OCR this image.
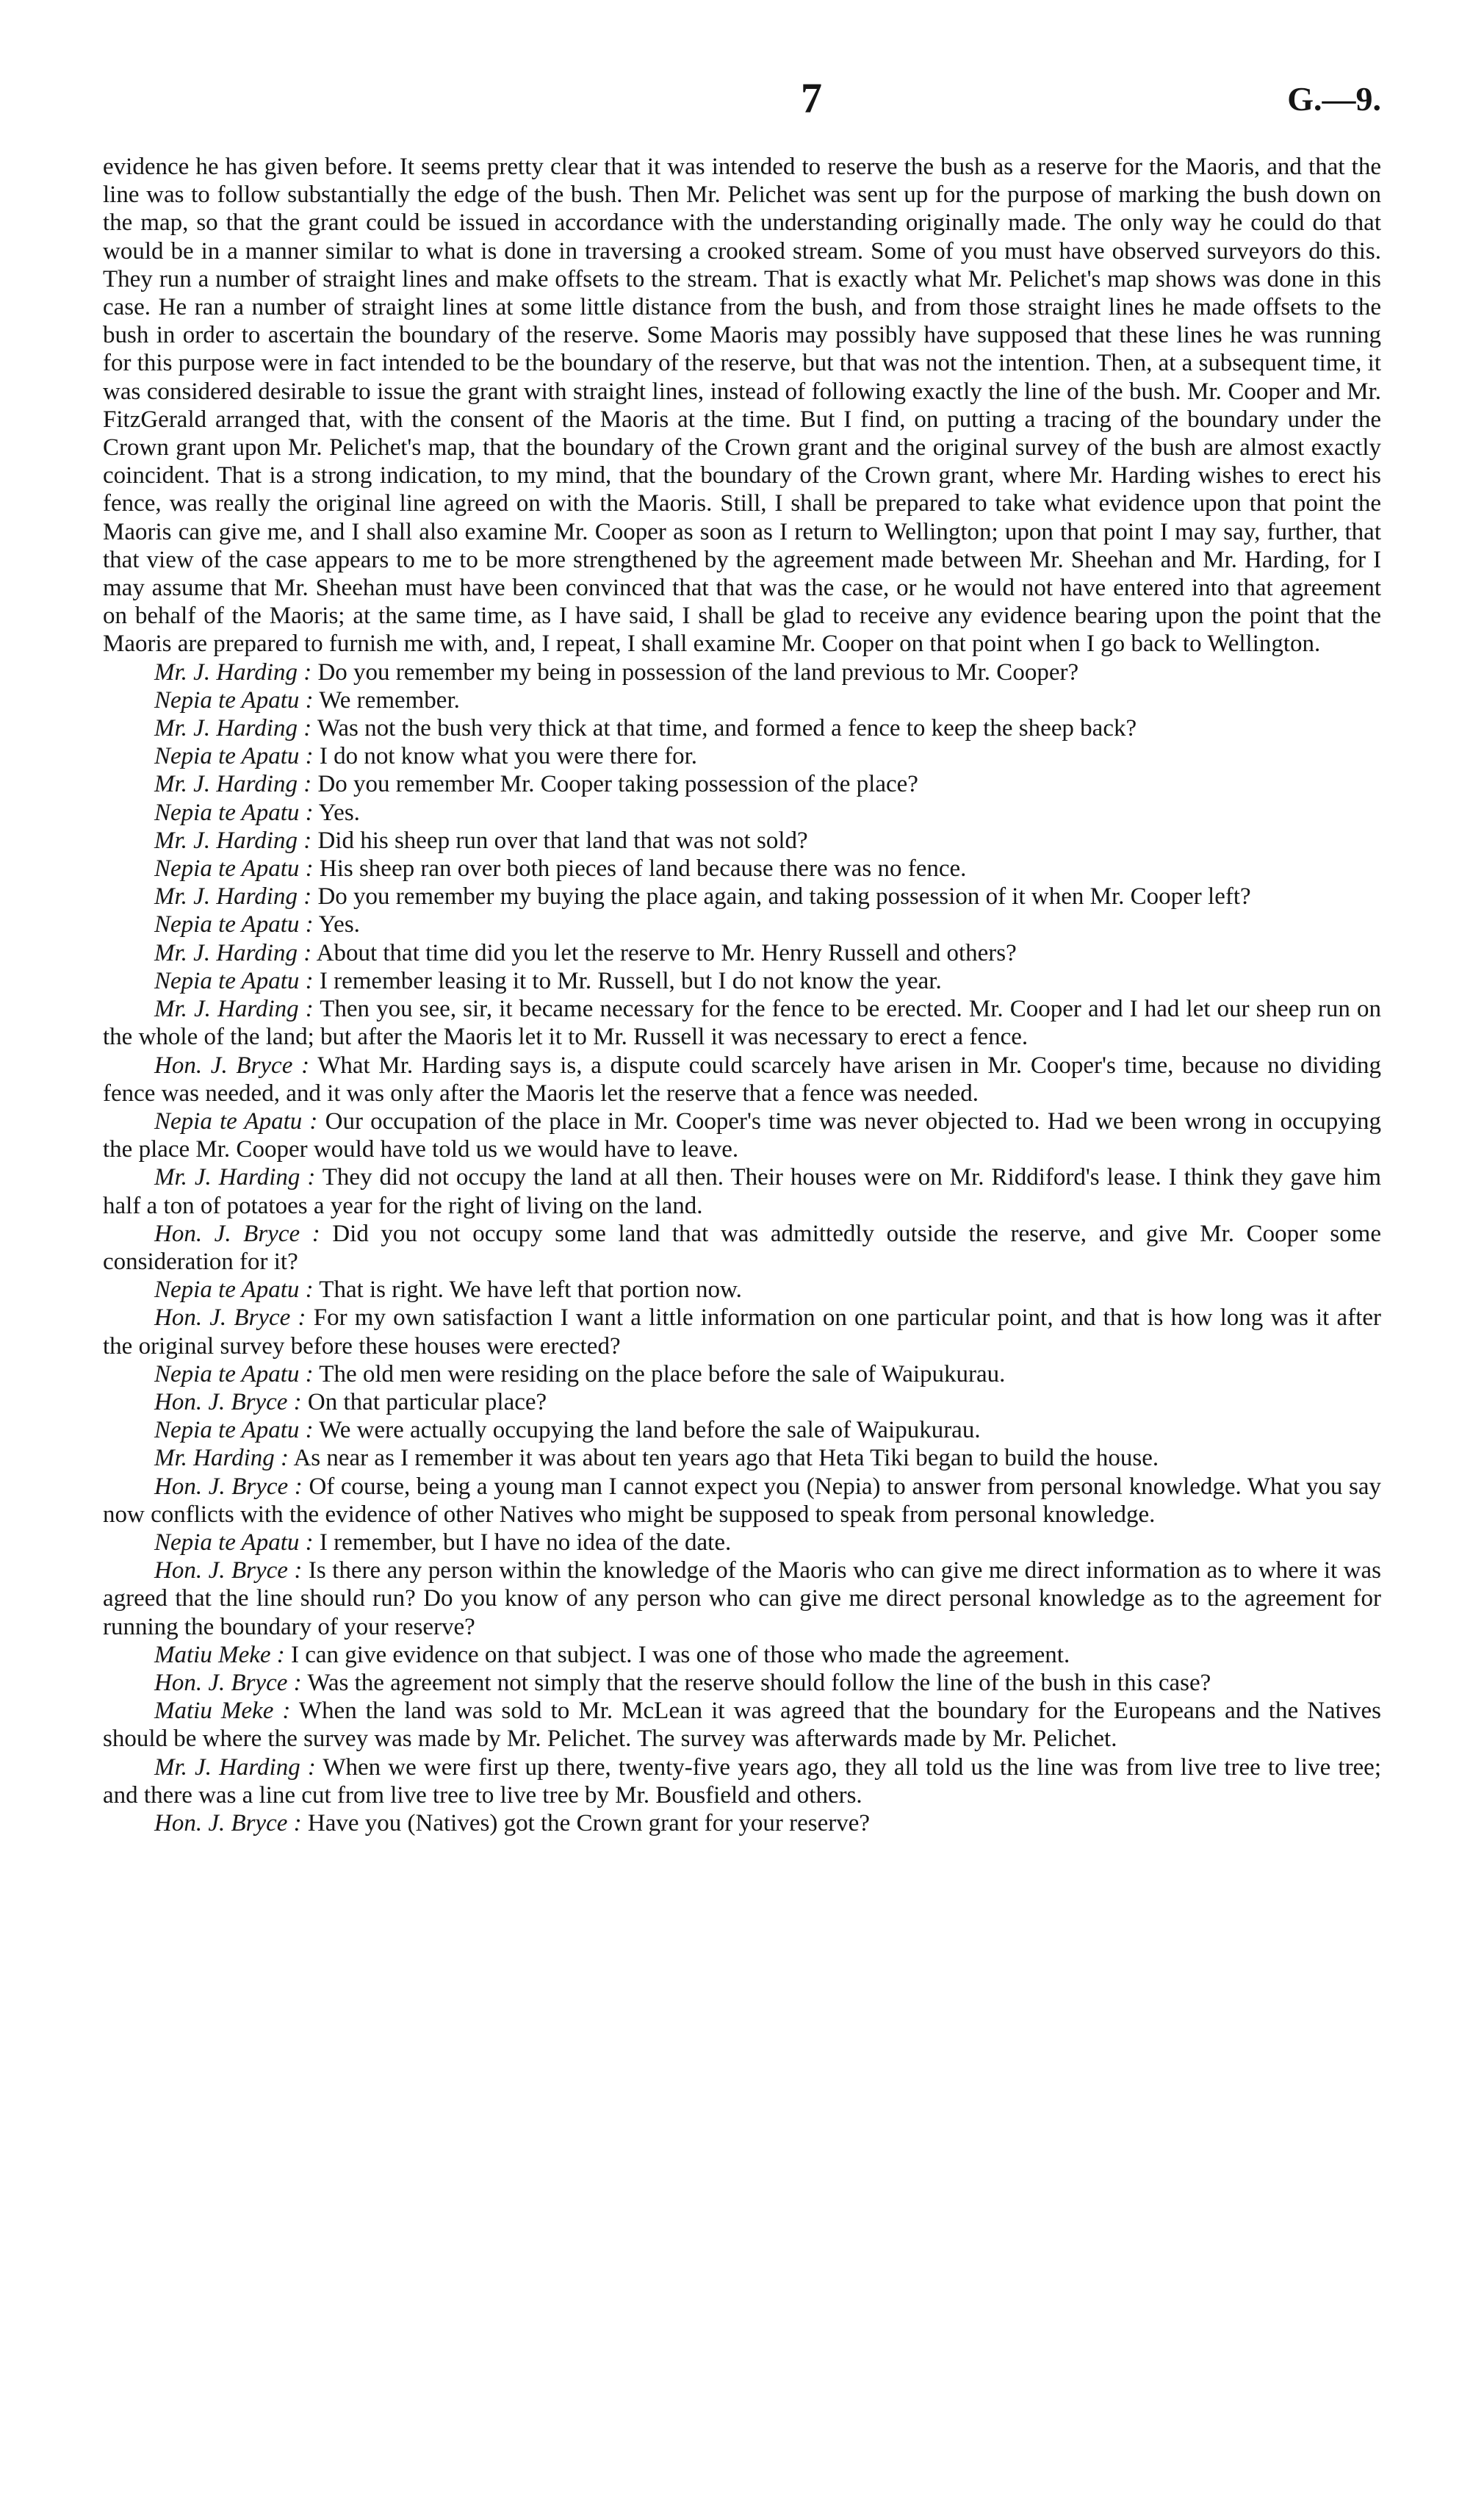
7	G.—9.

evidence he has given before. It seems pretty clear that it was intended to reserve the bush as a reserve for the Maoris, and that the line was to follow substantially the edge of the bush. Then Mr. Pelichet was sent up for the purpose of marking the bush down on the map, so that the grant could be issued in accordance with the understanding originally made. The only way he could do that would be in a manner similar to what is done in traversing a crooked stream. Some of you must have observed surveyors do this. They run a number of straight lines and make offsets to the stream. That is exactly what Mr. Pelichet's map shows was done in this case. He ran a number of straight lines at some little distance from the bush, and from those straight lines he made offsets to the bush in order to ascertain the boundary of the reserve. Some Maoris may possibly have supposed that these lines he was running for this purpose were in fact intended to be the boundary of the reserve, but that was not the intention. Then, at a subsequent time, it was considered desirable to issue the grant with straight lines, instead of following exactly the line of the bush. Mr. Cooper and Mr. FitzGerald arranged that, with the consent of the Maoris at the time. But I find, on putting a tracing of the boundary under the Crown grant upon Mr. Pelichet's map, that the boundary of the Crown grant and the original survey of the bush are almost exactly coincident. That is a strong indication, to my mind, that the boundary of the Crown grant, where Mr. Harding wishes to erect his fence, was really the original line agreed on with the Maoris. Still, I shall be prepared to take what evidence upon that point the Maoris can give me, and I shall also examine Mr. Cooper as soon as I return to Wellington; upon that point I may say, further, that that view of the case appears to me to be more strengthened by the agreement made between Mr. Sheehan and Mr. Harding, for I may assume that Mr. Sheehan must have been convinced that that was the case, or he would not have entered into that agreement on behalf of the Maoris; at the same time, as I have said, I shall be glad to receive any evidence bearing upon the point that the Maoris are prepared to furnish me with, and, I repeat, I shall examine Mr. Cooper on that point when I go back to Wellington.

Mr. J. Harding : Do you remember my being in possession of the land previous to Mr. Cooper?

Nepia te Apatu : We remember.

Mr. J. Harding : Was not the bush very thick at that time, and formed a fence to keep the sheep back?

Nepia te Apatu : I do not know what you were there for.

Mr. J. Harding : Do you remember Mr. Cooper taking possession of the place?

Nepia te Apatu : Yes.

Mr. J. Harding : Did his sheep run over that land that was not sold?

Nepia te Apatu : His sheep ran over both pieces of land because there was no fence.

Mr. J. Harding : Do you remember my buying the place again, and taking possession of it when Mr. Cooper left?

Nepia te Apatu : Yes.

Mr. J. Harding : About that time did you let the reserve to Mr. Henry Russell and others?

Nepia te Apatu : I remember leasing it to Mr. Russell, but I do not know the year.

Mr. J. Harding : Then you see, sir, it became necessary for the fence to be erected. Mr. Cooper and I had let our sheep run on the whole of the land; but after the Maoris let it to Mr. Russell it was necessary to erect a fence.

Hon. J. Bryce : What Mr. Harding says is, a dispute could scarcely have arisen in Mr. Cooper's time, because no dividing fence was needed, and it was only after the Maoris let the reserve that a fence was needed.

Nepia te Apatu : Our occupation of the place in Mr. Cooper's time was never objected to. Had we been wrong in occupying the place Mr. Cooper would have told us we would have to leave.

Mr. J. Harding : They did not occupy the land at all then. Their houses were on Mr. Riddiford's lease. I think they gave him half a ton of potatoes a year for the right of living on the land.

Hon. J. Bryce : Did you not occupy some land that was admittedly outside the reserve, and give Mr. Cooper some consideration for it?

Nepia te Apatu : That is right. We have left that portion now.

Hon. J. Bryce : For my own satisfaction I want a little information on one particular point, and that is how long was it after the original survey before these houses were erected?

Nepia te Apatu : The old men were residing on the place before the sale of Waipukurau.

Hon. J. Bryce : On that particular place?

Nepia te Apatu : We were actually occupying the land before the sale of Waipukurau.

Mr. Harding : As near as I remember it was about ten years ago that Heta Tiki began to build the house.

Hon. J. Bryce : Of course, being a young man I cannot expect you (Nepia) to answer from personal knowledge. What you say now conflicts with the evidence of other Natives who might be supposed to speak from personal knowledge.

Nepia te Apatu : I remember, but I have no idea of the date.

Hon. J. Bryce : Is there any person within the knowledge of the Maoris who can give me direct information as to where it was agreed that the line should run? Do you know of any person who can give me direct personal knowledge as to the agreement for running the boundary of your reserve?

Matiu Meke : I can give evidence on that subject. I was one of those who made the agreement.

Hon. J. Bryce : Was the agreement not simply that the reserve should follow the line of the bush in this case?

Matiu Meke : When the land was sold to Mr. McLean it was agreed that the boundary for the Europeans and the Natives should be where the survey was made by Mr. Pelichet. The survey was afterwards made by Mr. Pelichet.

Mr. J. Harding : When we were first up there, twenty-five years ago, they all told us the line was from live tree to live tree; and there was a line cut from live tree to live tree by Mr. Bousfield and others.

Hon. J. Bryce : Have you (Natives) got the Crown grant for your reserve?
